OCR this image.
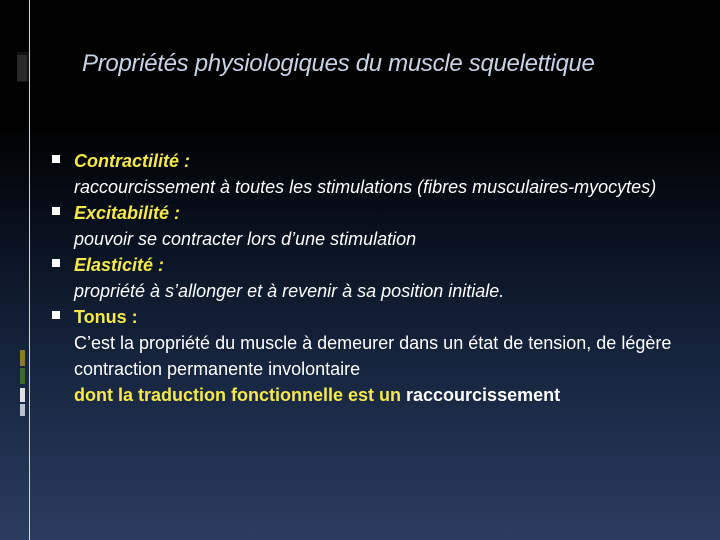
Propriétés physiologiques du muscle squelettique
Contractilité :
raccourcissement à toutes les stimulations (fibres musculaires-myocytes)
Excitabilité :
pouvoir se contracter lors d’une stimulation
Elasticité :
propriété à s’allonger et à revenir à sa position initiale.
Tonus :
C’est la propriété du muscle à demeurer dans un état de tension, de légère contraction permanente involontaire
dont la traduction fonctionnelle est un raccourcissement
